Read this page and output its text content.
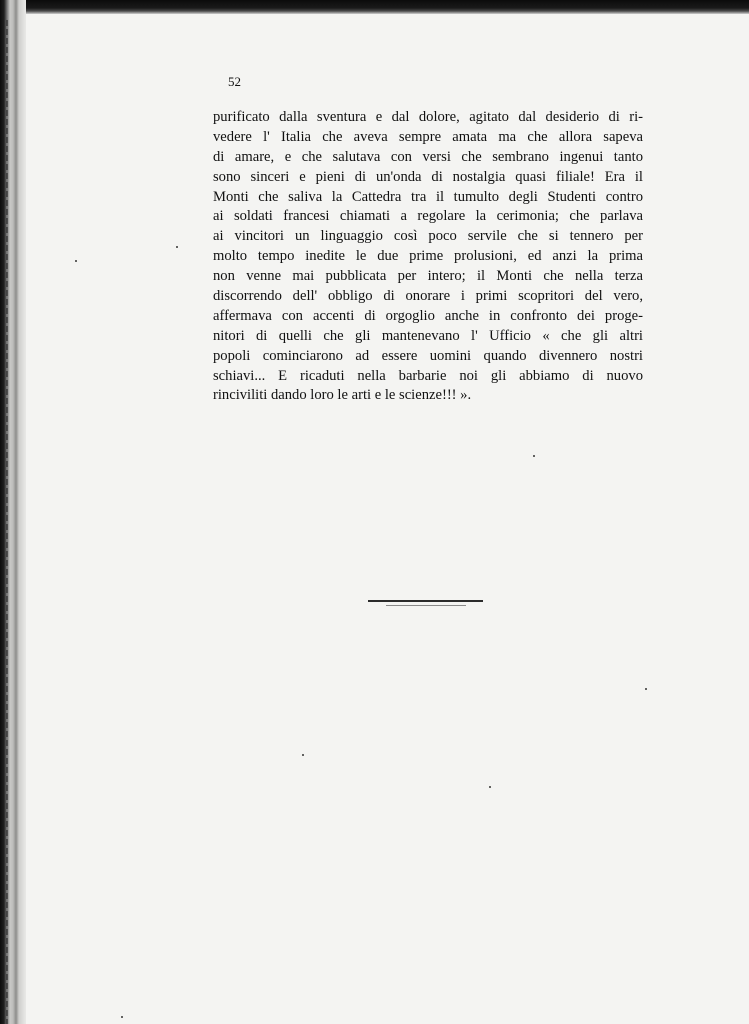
52
purificato dalla sventura e dal dolore, agitato dal desiderio di ri-
vedere l' Italia che aveva sempre amata ma che allora sapeva
di amare, e che salutava con versi che sembrano ingenui tanto
sono sinceri e pieni di un'onda di nostalgia quasi filiale! Era il
Monti che saliva la Cattedra tra il tumulto degli Studenti contro
ai soldati francesi chiamati a regolare la cerimonia; che parlava
ai vincitori un linguaggio così poco servile che si tennero per
molto tempo inedite le due prime prolusioni, ed anzi la prima
non venne mai pubblicata per intero; il Monti che nella terza
discorrendo dell' obbligo di onorare i primi scopritori del vero,
affermava con accenti di orgoglio anche in confronto dei proge-
nitori di quelli che gli mantenevano l' Ufficio « che gli altri
popoli cominciarono ad essere uomini quando divennero nostri
schiavi... E ricaduti nella barbarie noi gli abbiamo di nuovo
rinciviliti dando loro le arti e le scienze!!! ».
